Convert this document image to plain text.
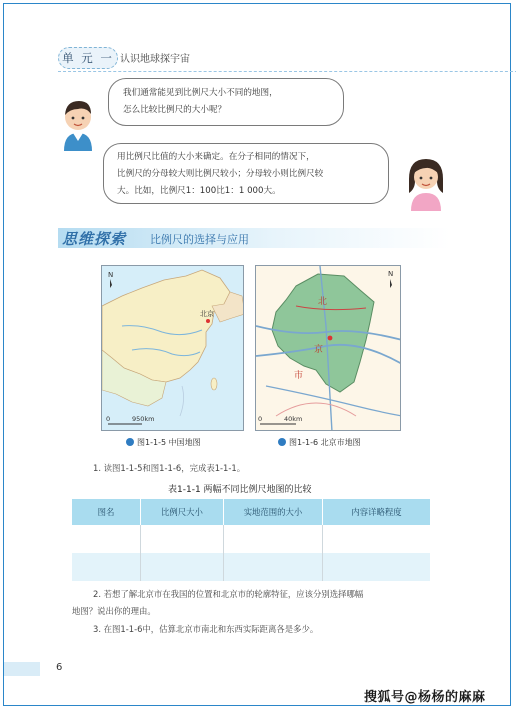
单 元 一 认识地球探宇宙
我们通常能见到比例尺大小不同的地图，
怎么比较比例尺的大小呢？
用比例尺比值的大小来确定。在分子相同的情况下，
比例尺的分母较大则比例尺较小；分母较小则比例尺较
大。比如，比例尺1：100比1：1 000大。
思维探索 比例尺的选择与应用
北京
N
0	950km
图1-1-5 中国地图
北
京
市
N
0	40km
图1-1-6 北京市地图
1. 读图1-1-5和图1-1-6，完成表1-1-1。
表1-1-1 两幅不同比例尺地图的比较
图名	比例尺大小	实地范围的大小	内容详略程度

2. 若想了解北京市在我国的位置和北京市的轮廓特征，应该分别选择哪幅
地图？说出你的理由。
3. 在图1-1-6中，估算北京市南北和东西实际距离各是多少。
6
搜狐号@杨杨的麻麻
